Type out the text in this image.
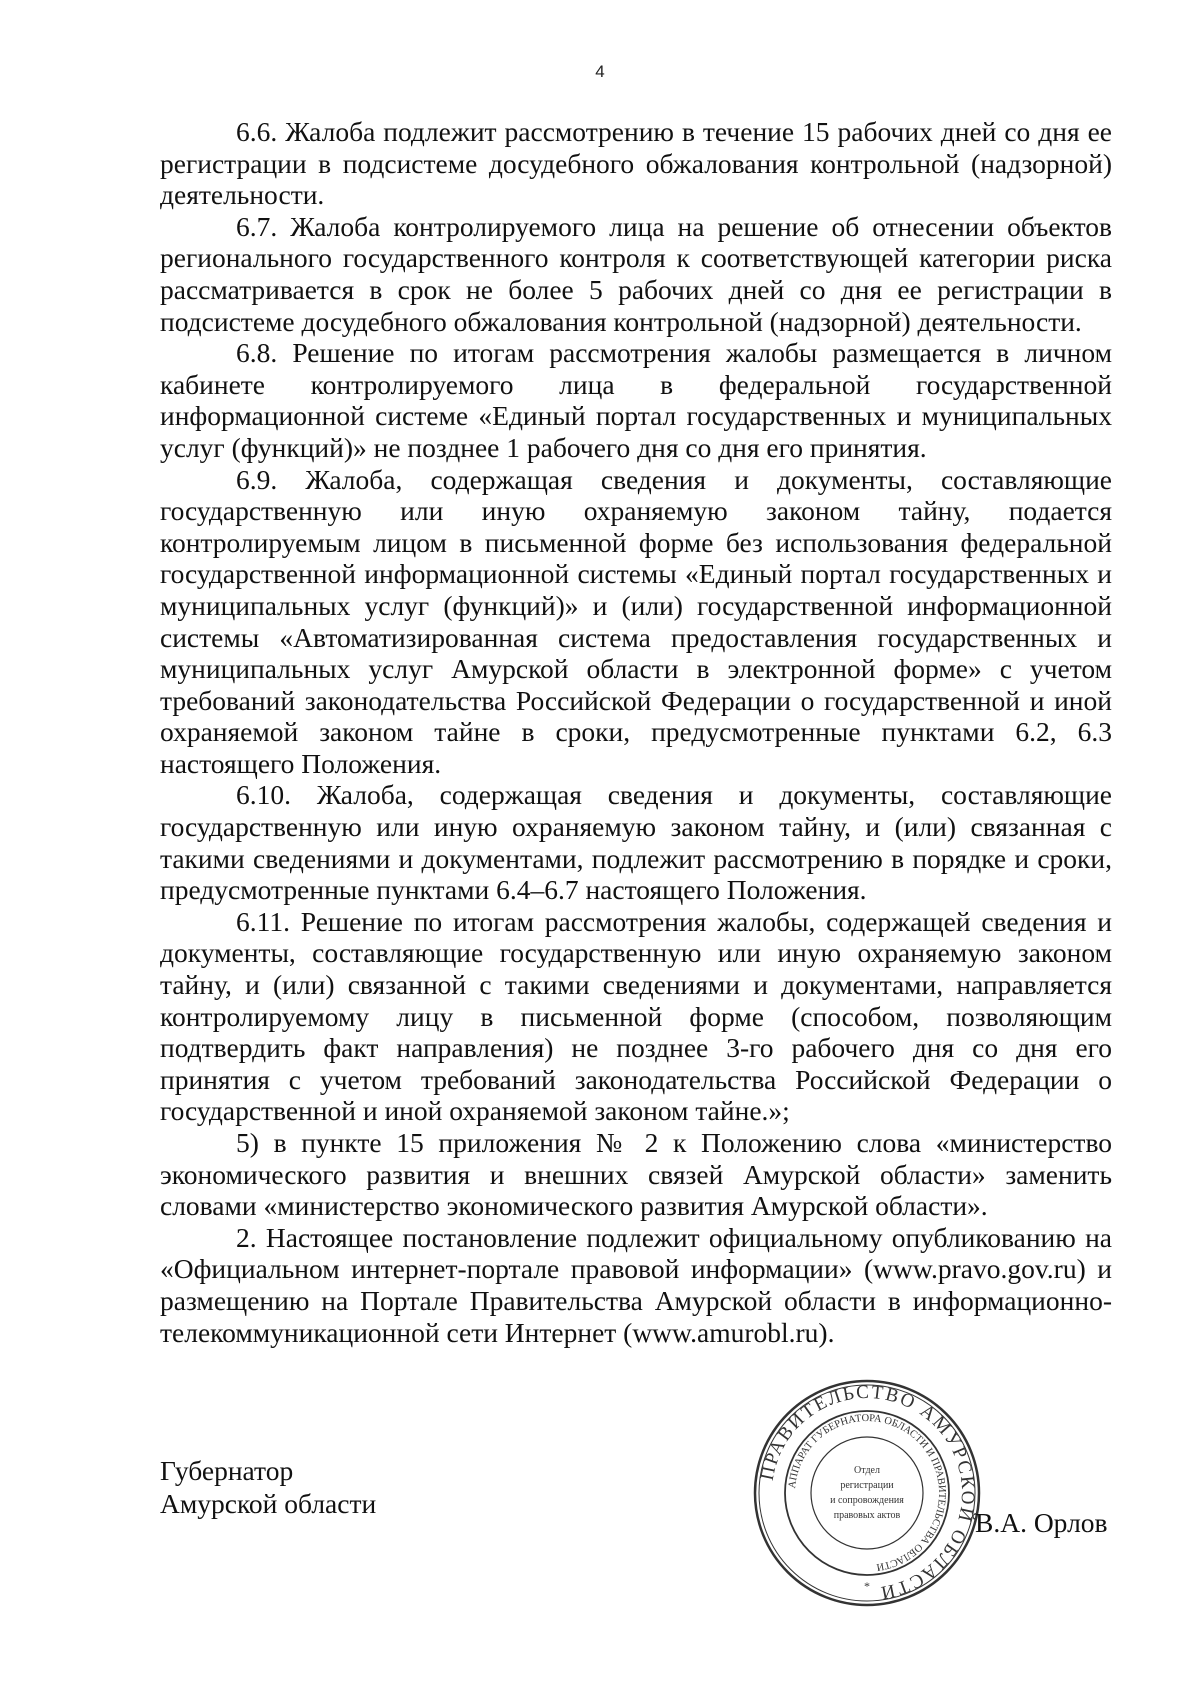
4

6.6. Жалоба подлежит рассмотрению в течение 15 рабочих дней со дня ее регистрации в подсистеме досудебного обжалования контрольной (надзорной) деятельности.

6.7. Жалоба контролируемого лица на решение об отнесении объектов регионального государственного контроля к соответствующей категории риска рассматривается в срок не более 5 рабочих дней со дня ее регистрации в подсистеме досудебного обжалования контрольной (надзорной) деятельности.

6.8. Решение по итогам рассмотрения жалобы размещается в личном кабинете контролируемого лица в федеральной государственной информационной системе «Единый портал государственных и муниципальных услуг (функций)» не позднее 1 рабочего дня со дня его принятия.

6.9. Жалоба, содержащая сведения и документы, составляющие государственную или иную охраняемую законом тайну, подается контролируемым лицом в письменной форме без использования федеральной государственной информационной системы «Единый портал государственных и муниципальных услуг (функций)» и (или) государственной информационной системы «Автоматизированная система предоставления государственных и муниципальных услуг Амурской области в электронной форме» с учетом требований законодательства Российской Федерации о государственной и иной охраняемой законом тайне в сроки, предусмотренные пунктами 6.2, 6.3 настоящего Положения.

6.10. Жалоба, содержащая сведения и документы, составляющие государственную или иную охраняемую законом тайну, и (или) связанная с такими сведениями и документами, подлежит рассмотрению в порядке и сроки, предусмотренные пунктами 6.4–6.7 настоящего Положения.

6.11. Решение по итогам рассмотрения жалобы, содержащей сведения и документы, составляющие государственную или иную охраняемую законом тайну, и (или) связанной с такими сведениями и документами, направляется контролируемому лицу в письменной форме (способом, позволяющим подтвердить факт направления) не позднее 3-го рабочего дня со дня его принятия с учетом требований законодательства Российской Федерации о государственной и иной охраняемой законом тайне.»;

5) в пункте 15 приложения № 2 к Положению слова «министерство экономического развития и внешних связей Амурской области» заменить словами «министерство экономического развития Амурской области».

2. Настоящее постановление подлежит официальному опубликованию на «Официальном интернет-портале правовой информации» (www.pravo.gov.ru) и размещению на Портале Правительства Амурской области в информационно-телекоммуникационной сети Интернет (www.amurobl.ru).

Губернатор
Амурской области
ПРАВИТЕЛЬСТВО АМУРСКОЙ ОБЛАСТИ
АППАРАТ ГУБЕРНАТОРА ОБЛАСТИ И ПРАВИТЕЛЬСТВА ОБЛАСТИ
Отдел
регистрации
и сопровождения
правовых актов
*
В.А. Орлов
